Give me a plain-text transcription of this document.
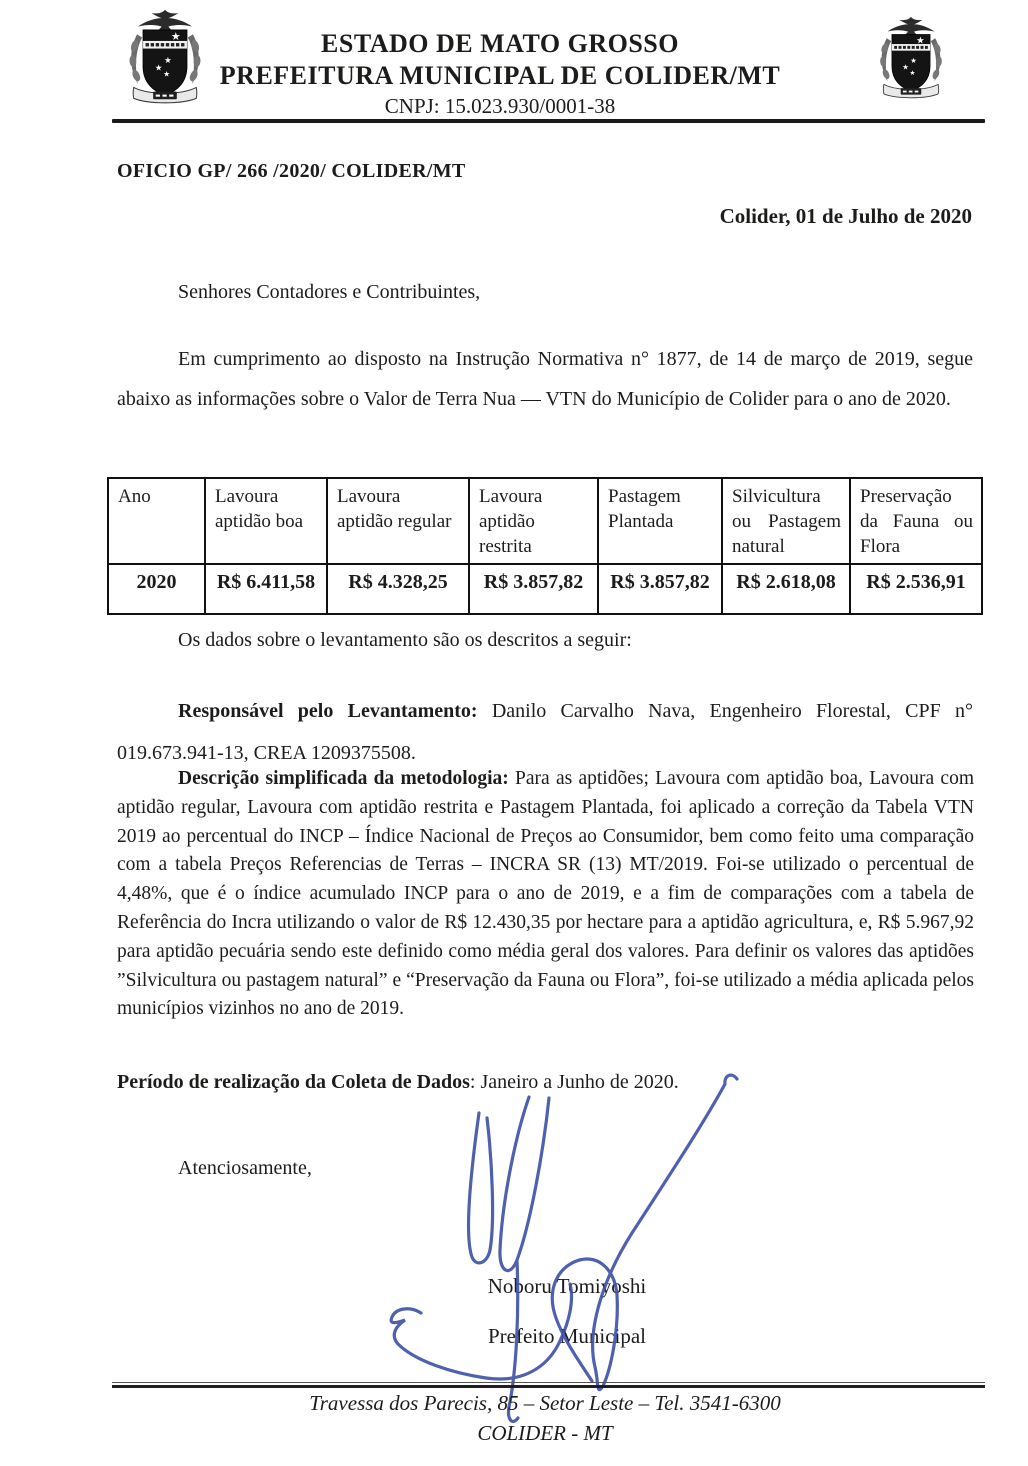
ESTADO DE MATO GROSSO
PREFEITURA MUNICIPAL DE COLIDER/MT
CNPJ: 15.023.930/0001-38
OFICIO GP/ 266 /2020/ COLIDER/MT
Colider, 01 de Julho de 2020
Senhores Contadores e Contribuintes,
Em cumprimento ao disposto na Instrução Normativa n° 1877, de 14 de março de 2019, segue abaixo as informações sobre o Valor de Terra Nua — VTN do Município de Colider para o ano de 2020.
Ano	Lavoura aptidão boa	Lavoura aptidão regular	Lavoura aptidão restrita	Pastagem Plantada	Silvicultura ou Pastagem natural	Preservação da Fauna ou Flora
2020	R$ 6.411,58	R$ 4.328,25	R$ 3.857,82	R$ 3.857,82	R$ 2.618,08	R$ 2.536,91
Os dados sobre o levantamento são os descritos a seguir:
Responsável pelo Levantamento: Danilo Carvalho Nava, Engenheiro Florestal, CPF n° 019.673.941-13, CREA 1209375508.
Descrição simplificada da metodologia: Para as aptidões; Lavoura com aptidão boa, Lavoura com aptidão regular, Lavoura com aptidão restrita e Pastagem Plantada, foi aplicado a correção da Tabela VTN 2019 ao percentual do INCP – Índice Nacional de Preços ao Consumidor, bem como feito uma comparação com a tabela Preços Referencias de Terras – INCRA SR (13) MT/2019. Foi-se utilizado o percentual de 4,48%, que é o índice acumulado INCP para o ano de 2019, e a fim de comparações com a tabela de Referência do Incra utilizando o valor de R$ 12.430,35 por hectare para a aptidão agricultura, e, R$ 5.967,92 para aptidão pecuária sendo este definido como média geral dos valores. Para definir os valores das aptidões ”Silvicultura ou pastagem natural” e “Preservação da Fauna ou Flora”, foi-se utilizado a média aplicada pelos municípios vizinhos no ano de 2019.
Período de realização da Coleta de Dados: Janeiro a Junho de 2020.
Atenciosamente,
Noboru Tomiyoshi
Prefeito Municipal
Travessa dos Parecis, 85 – Setor Leste – Tel. 3541-6300
COLIDER - MT
